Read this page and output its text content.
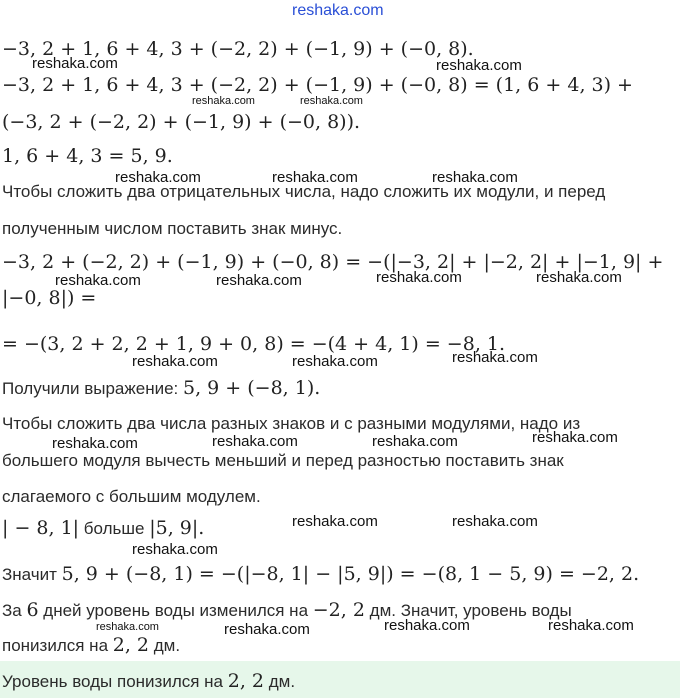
reshaka.com
−3, 2 + 1, 6 + 4, 3 + (−2, 2) + (−1, 9) + (−0, 8).
reshaka.com	reshaka.com
−3, 2 + 1, 6 + 4, 3 + (−2, 2) + (−1, 9) + (−0, 8) = (1, 6 + 4, 3) +
reshaka.com	reshaka.com
(−3, 2 + (−2, 2) + (−1, 9) + (−0, 8)).
1, 6 + 4, 3 = 5, 9.
reshaka.com	reshaka.com	reshaka.com
Чтобы сложить два отрицательных числа, надо сложить их модули, и перед
полученным числом поставить знак минус.
−3, 2 + (−2, 2) + (−1, 9) + (−0, 8) = −(|−3, 2| + |−2, 2| + |−1, 9| +
reshaka.com	reshaka.com	reshaka.com	reshaka.com
|−0, 8|) =
= −(3, 2 + 2, 2 + 1, 9 + 0, 8) = −(4 + 4, 1) = −8, 1.
reshaka.com	reshaka.com	reshaka.com
Получили выражение: 5, 9 + (−8, 1).
Чтобы сложить два числа разных знаков и с разными модулями, надо из
reshaka.com	reshaka.com	reshaka.com	reshaka.com
большего модуля вычесть меньший и перед разностью поставить знак
слагаемого с большим модулем.
| − 8, 1| больше |5, 9|.	reshaka.com	reshaka.com
reshaka.com
Значит 5, 9 + (−8, 1) = −(|−8, 1| − |5, 9|) = −(8, 1 − 5, 9) = −2, 2.
За 6 дней уровень воды изменился на −2, 2 дм. Значит, уровень воды
reshaka.com	reshaka.com	reshaka.com	reshaka.com
понизился на 2, 2 дм.
Уровень воды понизился на 2, 2 дм.
